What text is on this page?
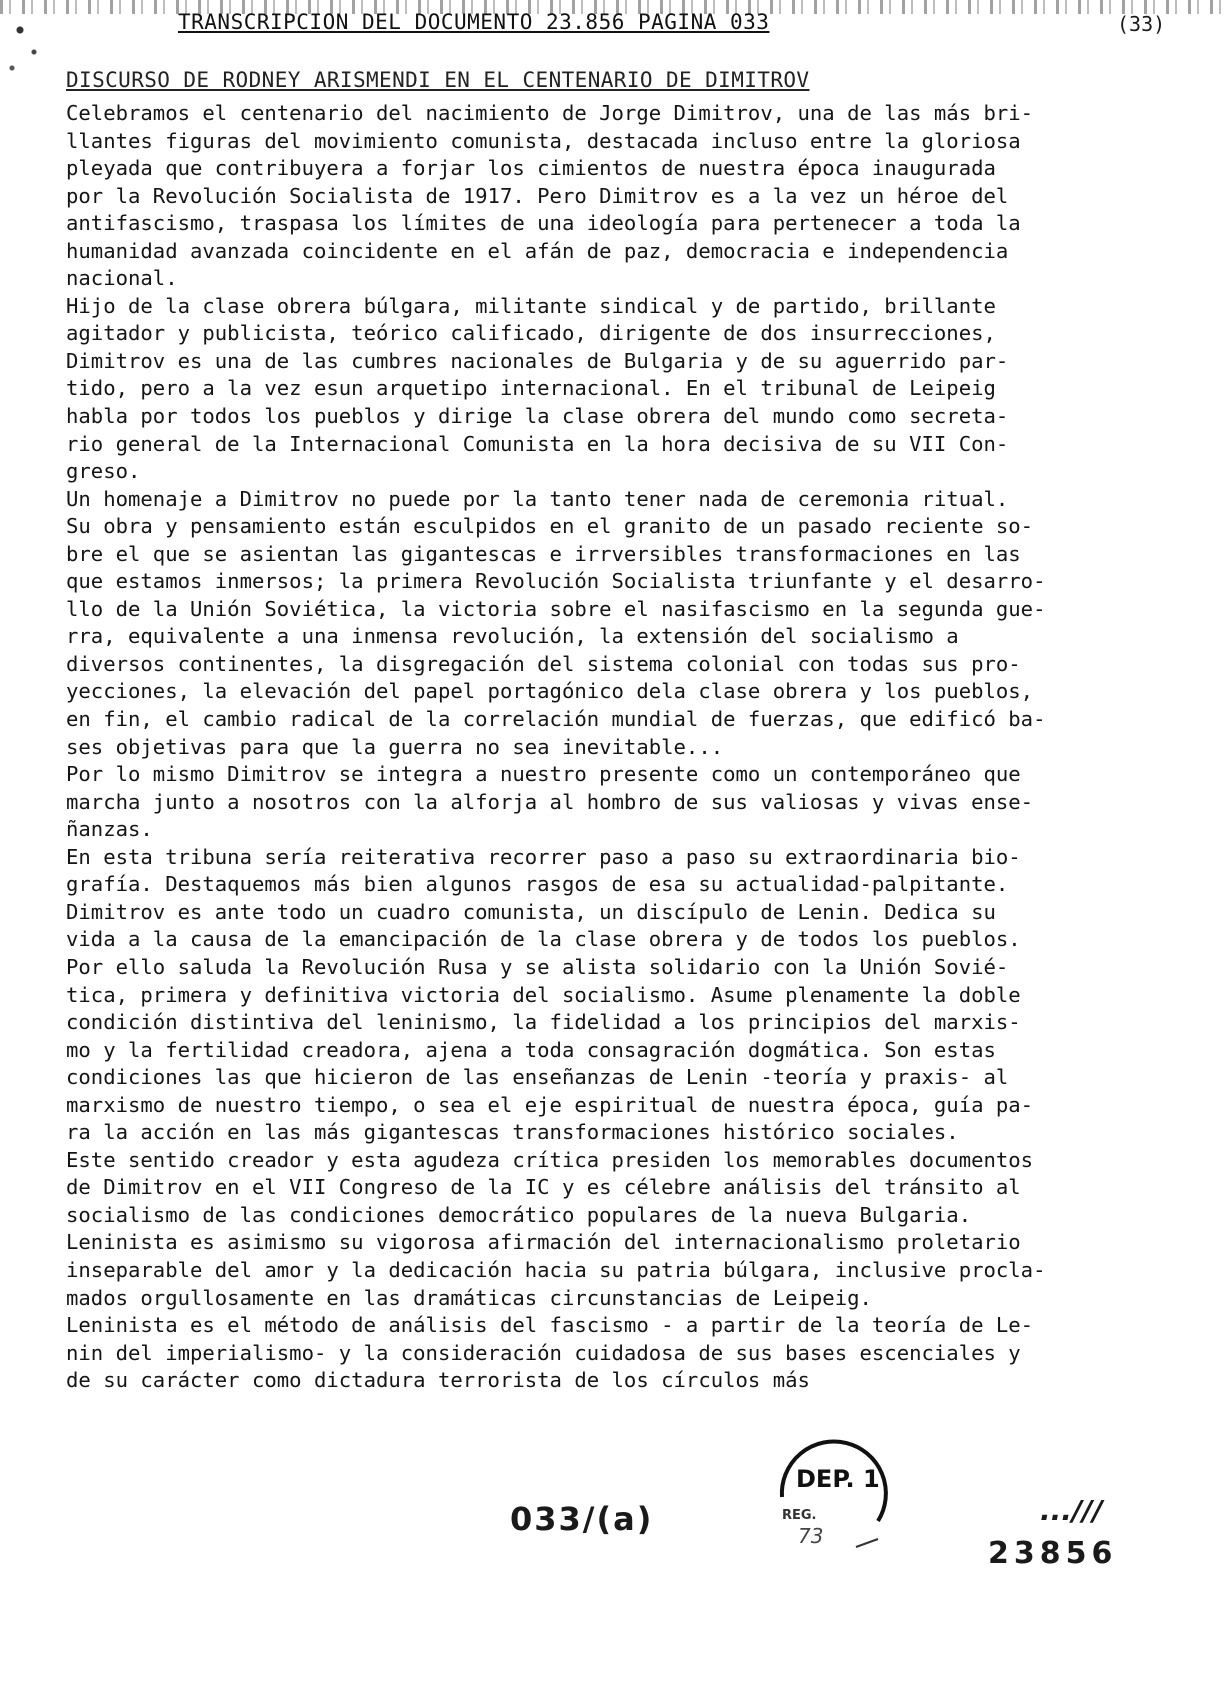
TRANSCRIPCION DEL DOCUMENTO 23.856 PAGINA 033	(33)
DISCURSO DE RODNEY ARISMENDI EN EL CENTENARIO DE DIMITROV
Celebramos el centenario del nacimiento de Jorge Dimitrov, una de las más bri-
llantes figuras del movimiento comunista, destacada incluso entre la gloriosa
pleyada que contribuyera a forjar los cimientos de nuestra época inaugurada
por la Revolución Socialista de 1917. Pero Dimitrov es a la vez un héroe del
antifascismo, traspasa los límites de una ideología para pertenecer a toda la
humanidad avanzada coincidente en el afán de paz, democracia e independencia
nacional.
Hijo de la clase obrera búlgara, militante sindical y de partido, brillante
agitador y publicista, teórico calificado, dirigente de dos insurrecciones,
Dimitrov es una de las cumbres nacionales de Bulgaria y de su aguerrido par-
tido, pero a la vez esun arquetipo internacional. En el tribunal de Leipeig
habla por todos los pueblos y dirige la clase obrera del mundo como secreta-
rio general de la Internacional Comunista en la hora decisiva de su VII Con-
greso.
Un homenaje a Dimitrov no puede por la tanto tener nada de ceremonia ritual.
Su obra y pensamiento están esculpidos en el granito de un pasado reciente so-
bre el que se asientan las gigantescas e irrversibles transformaciones en las
que estamos inmersos; la primera Revolución Socialista triunfante y el desarro-
llo de la Unión Soviética, la victoria sobre el nasifascismo en la segunda gue-
rra, equivalente a una inmensa revolución, la extensión del socialismo a
diversos continentes, la disgregación del sistema colonial con todas sus pro-
yecciones, la elevación del papel portagónico dela clase obrera y los pueblos,
en fin, el cambio radical de la correlación mundial de fuerzas, que edificó ba-
ses objetivas para que la guerra no sea inevitable...
Por lo mismo Dimitrov se integra a nuestro presente como un contemporáneo que
marcha junto a nosotros con la alforja al hombro de sus valiosas y vivas ense-
ñanzas.
En esta tribuna sería reiterativa recorrer paso a paso su extraordinaria bio-
grafía. Destaquemos más bien algunos rasgos de esa su actualidad-palpitante.
Dimitrov es ante todo un cuadro comunista, un discípulo de Lenin. Dedica su
vida a la causa de la emancipación de la clase obrera y de todos los pueblos.
Por ello saluda la Revolución Rusa y se alista solidario con la Unión Sovié-
tica, primera y definitiva victoria del socialismo. Asume plenamente la doble
condición distintiva del leninismo, la fidelidad a los principios del marxis-
mo y la fertilidad creadora, ajena a toda consagración dogmática. Son estas
condiciones las que hicieron de las enseñanzas de Lenin -teoría y praxis- al
marxismo de nuestro tiempo, o sea el eje espiritual de nuestra época, guía pa-
ra la acción en las más gigantescas transformaciones histórico sociales.
Este sentido creador y esta agudeza crítica presiden los memorables documentos
de Dimitrov en el VII Congreso de la IC y es célebre análisis del tránsito al
socialismo de las condiciones democrático populares de la nueva Bulgaria.
Leninista es asimismo su vigorosa afirmación del internacionalismo proletario
inseparable del amor y la dedicación hacia su patria búlgara, inclusive procla-
mados orgullosamente en las dramáticas circunstancias de Leipeig.
Leninista es el método de análisis del fascismo - a partir de la teoría de Le-
nin del imperialismo- y la consideración cuidadosa de sus bases escenciales y
de su carácter como dictadura terrorista de los círculos más
DEP. 1
REG.
73
033/(a)	...///
23856
